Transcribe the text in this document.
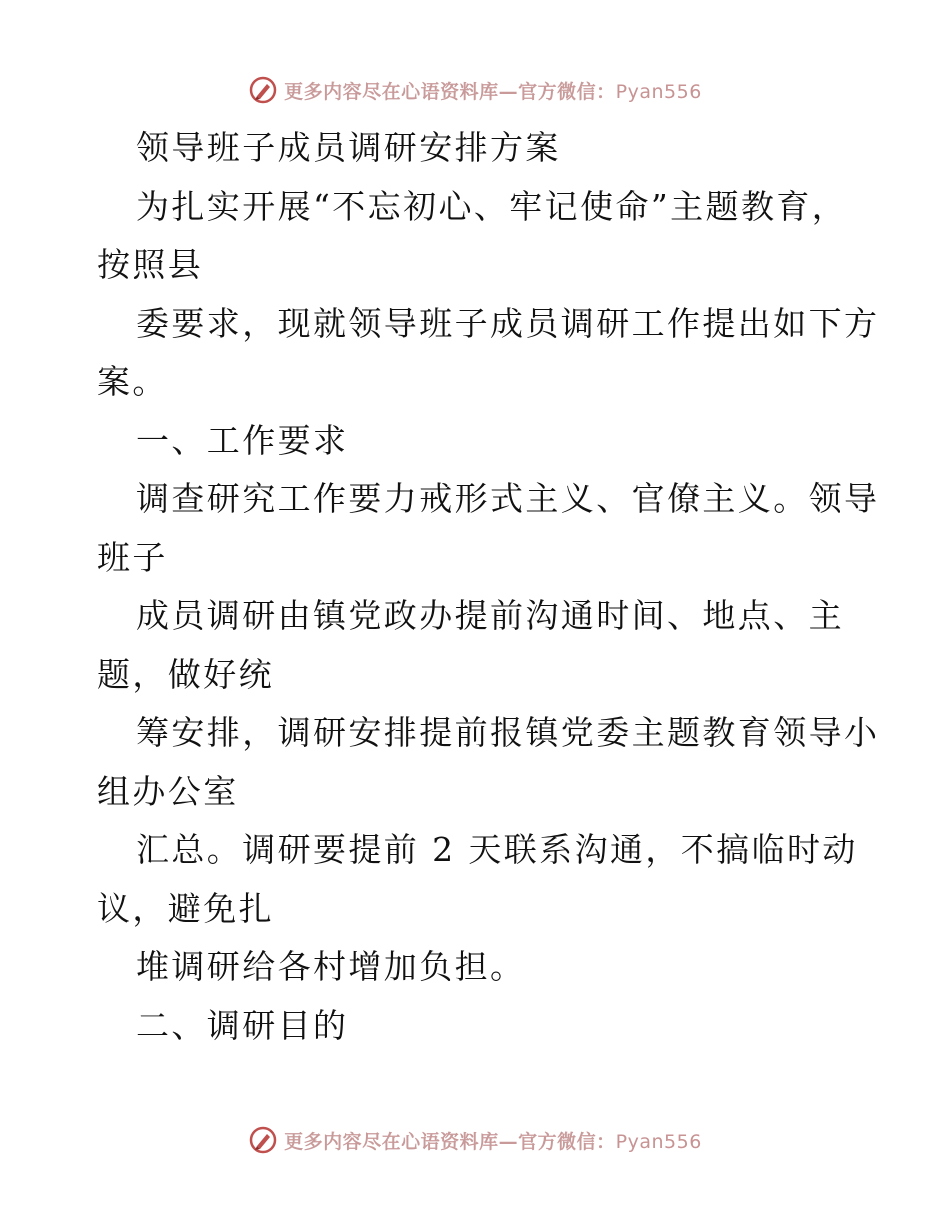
更多内容尽在心语资料库—官方微信：Pyan556
领导班子成员调研安排方案
为扎实开展“不忘初心、牢记使命”主题教育，
按照县
委要求，现就领导班子成员调研工作提出如下方
案。
一、工作要求
调查研究工作要力戒形式主义、官僚主义。领导
班子
成员调研由镇党政办提前沟通时间、地点、主
题，做好统
筹安排，调研安排提前报镇党委主题教育领导小
组办公室
汇总。调研要提前 2 天联系沟通，不搞临时动
议，避免扎
堆调研给各村增加负担。
二、调研目的
更多内容尽在心语资料库—官方微信：Pyan556
